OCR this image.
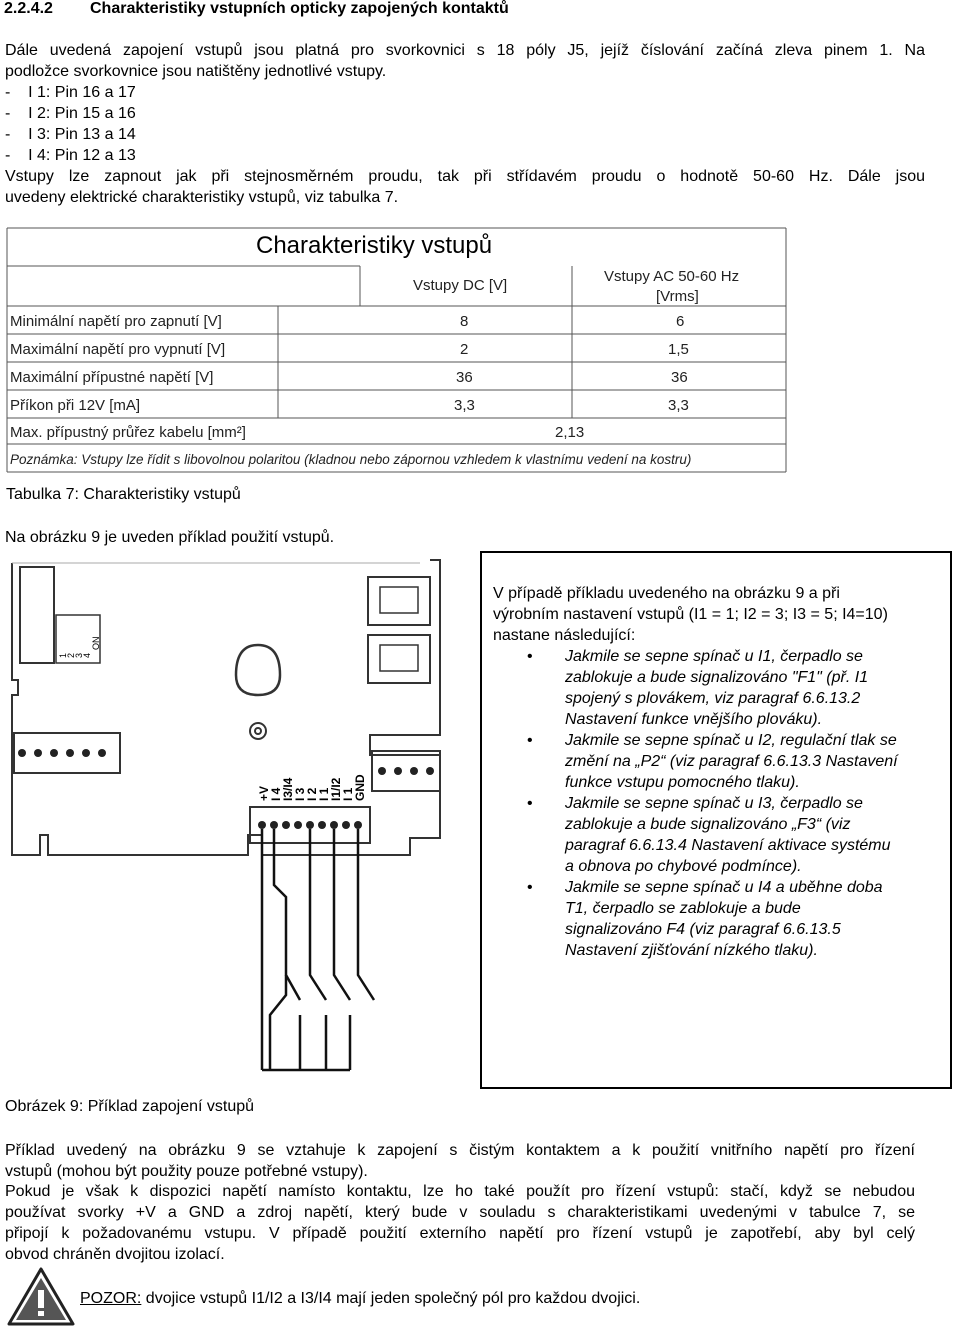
2.2.4.2 Charakteristiky vstupních opticky zapojených kontaktů
Dále uvedená zapojení vstupů jsou platná pro svorkovnici s 18 póly J5, jejíž číslování začíná zleva pinem 1. Na
podložce svorkovnice jsou natištěny jednotlivé vstupy.
-    I 1: Pin 16 a 17
-    I 2: Pin 15 a 16
-    I 3: Pin 13 a 14
-    I 4: Pin 12 a 13
Vstupy lze zapnout jak při stejnosměrném proudu, tak při střídavém proudu o hodnotě 50-60 Hz. Dále jsou
uvedeny elektrické charakteristiky vstupů, viz tabulka 7.
Charakteristiky vstupů
Vstupy DC [V]
Vstupy AC 50-60 Hz
[Vrms]
Minimální napětí pro zapnutí [V]	8	6
Maximální napětí pro vypnutí [V]	2	1,5
Maximální přípustné napětí [V]	36	36
Příkon při 12V [mA]	3,3	3,3
Max. přípustný průřez kabelu [mm²]	2,13
Poznámka: Vstupy lze řídit s libovolnou polaritou (kladnou nebo zápornou vzhledem k vlastnímu vedení na kostru)
Tabulka 7: Charakteristiky vstupů
Na obrázku 9 je uveden příklad použití vstupů.
1
2
3
4
ON
+V
I 4
I3/I4
I 3
I 2
I 1
I1/I2
I 1
GND
V případě příkladu uvedeného na obrázku 9 a při
výrobním nastavení vstupů (I1 = 1; I2 = 3; I3 = 5; I4=10)
nastane následující:
• Jakmile se sepne spínač u I1, čerpadlo se
zablokuje a bude signalizováno "F1" (př. I1
spojený s plovákem, viz paragraf 6.6.13.2
Nastavení funkce vnějšího plováku).
• Jakmile se sepne spínač u I2, regulační tlak se
změní na „P2“ (viz paragraf 6.6.13.3 Nastavení
funkce vstupu pomocného tlaku).
• Jakmile se sepne spínač u I3, čerpadlo se
zablokuje a bude signalizováno „F3“ (viz
paragraf 6.6.13.4 Nastavení aktivace systému
a obnova po chybové podmínce).
• Jakmile se sepne spínač u I4 a uběhne doba
T1, čerpadlo se zablokuje a bude
signalizováno F4 (viz paragraf 6.6.13.5
Nastavení zjišťování nízkého tlaku).
Obrázek 9: Příklad zapojení vstupů
Příklad uvedený na obrázku 9 se vztahuje k zapojení s čistým kontaktem a k použití vnitřního napětí pro řízení
vstupů (mohou být použity pouze potřebné vstupy).
Pokud je však k dispozici napětí namísto kontaktu, lze ho také použít pro řízení vstupů: stačí, když se nebudou
používat svorky +V a GND a zdroj napětí, který bude v souladu s charakteristikami uvedenými v tabulce 7, se
připojí k požadovanému vstupu. V případě použití externího napětí pro řízení vstupů je zapotřebí, aby byl celý
obvod chráněn dvojitou izolací.
POZOR: dvojice vstupů I1/I2 a I3/I4 mají jeden společný pól pro každou dvojici.
